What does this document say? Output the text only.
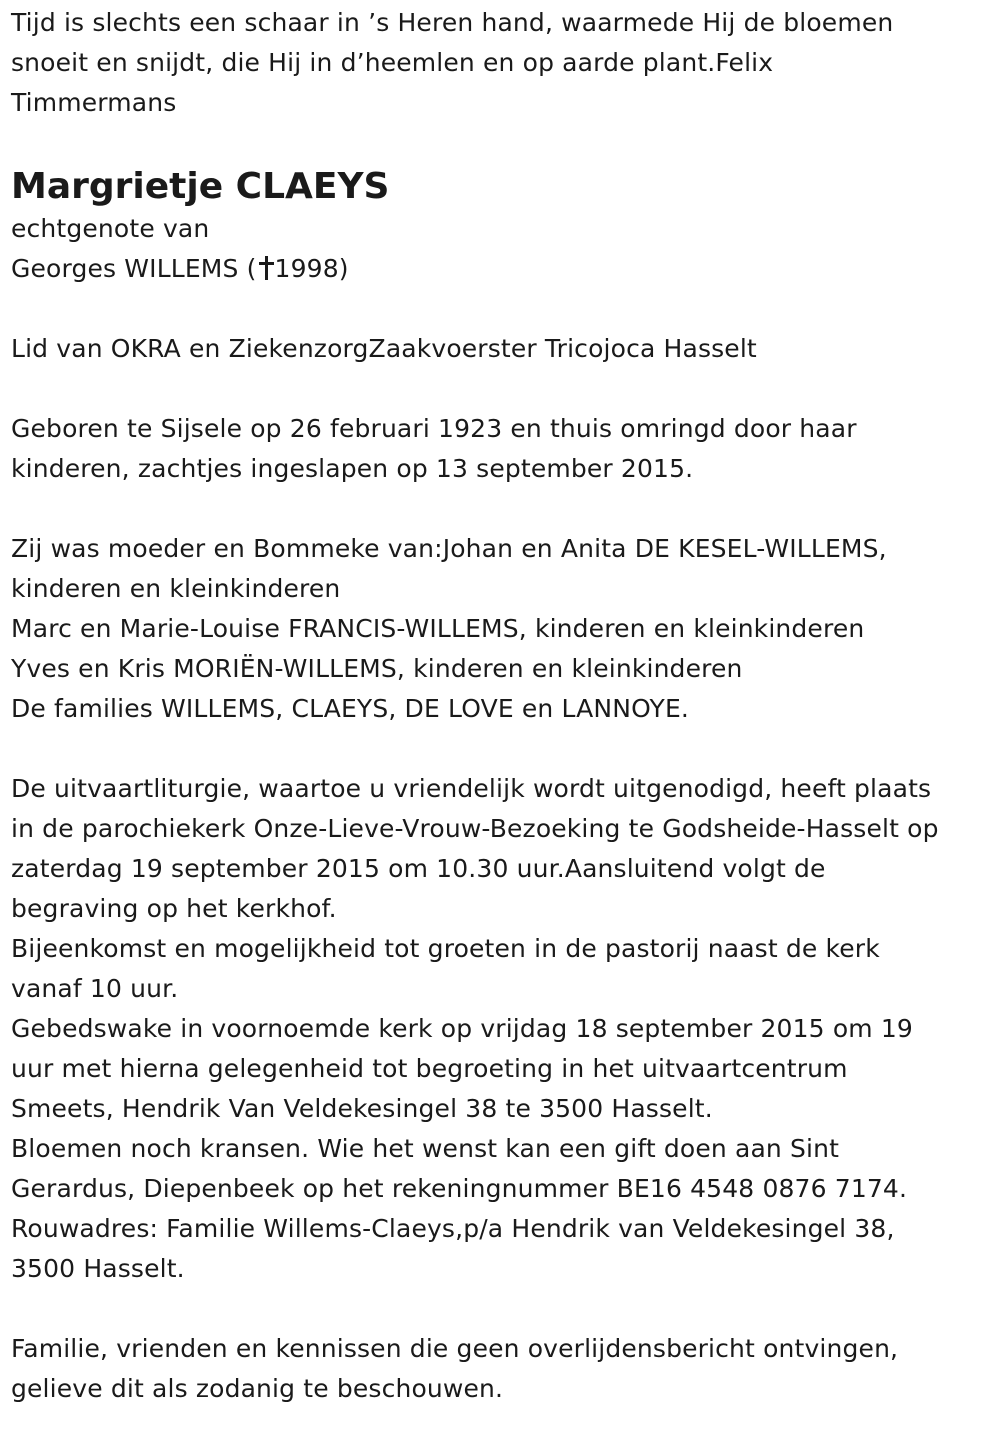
Tijd is slechts een schaar in ’s Heren hand, waarmede Hij de bloemen
snoeit en snijdt, die Hij in d’heemlen en op aarde plant.Felix
Timmermans
Margrietje CLAEYS
echtgenote van
Georges WILLEMS ( 1998)
Lid van OKRA en ZiekenzorgZaakvoerster Tricojoca Hasselt
Geboren te Sijsele op 26 februari 1923 en thuis omringd door haar
kinderen, zachtjes ingeslapen op 13 september 2015.
Zij was moeder en Bommeke van:Johan en Anita DE KESEL-WILLEMS,
kinderen en kleinkinderen
Marc en Marie-Louise FRANCIS-WILLEMS, kinderen en kleinkinderen
Yves en Kris MORIËN-WILLEMS, kinderen en kleinkinderen
De families WILLEMS, CLAEYS, DE LOVE en LANNOYE.
De uitvaartliturgie, waartoe u vriendelijk wordt uitgenodigd, heeft plaats
in de parochiekerk Onze-Lieve-Vrouw-Bezoeking te Godsheide-Hasselt op
zaterdag 19 september 2015 om 10.30 uur.Aansluitend volgt de
begraving op het kerkhof.
Bijeenkomst en mogelijkheid tot groeten in de pastorij naast de kerk
vanaf 10 uur.
Gebedswake in voornoemde kerk op vrijdag 18 september 2015 om 19
uur met hierna gelegenheid tot begroeting in het uitvaartcentrum
Smeets, Hendrik Van Veldekesingel 38 te 3500 Hasselt.
Bloemen noch kransen. Wie het wenst kan een gift doen aan Sint
Gerardus, Diepenbeek op het rekeningnummer BE16 4548 0876 7174.
Rouwadres: Familie Willems-Claeys,p/a Hendrik van Veldekesingel 38,
3500 Hasselt.
Familie, vrienden en kennissen die geen overlijdensbericht ontvingen,
gelieve dit als zodanig te beschouwen.
